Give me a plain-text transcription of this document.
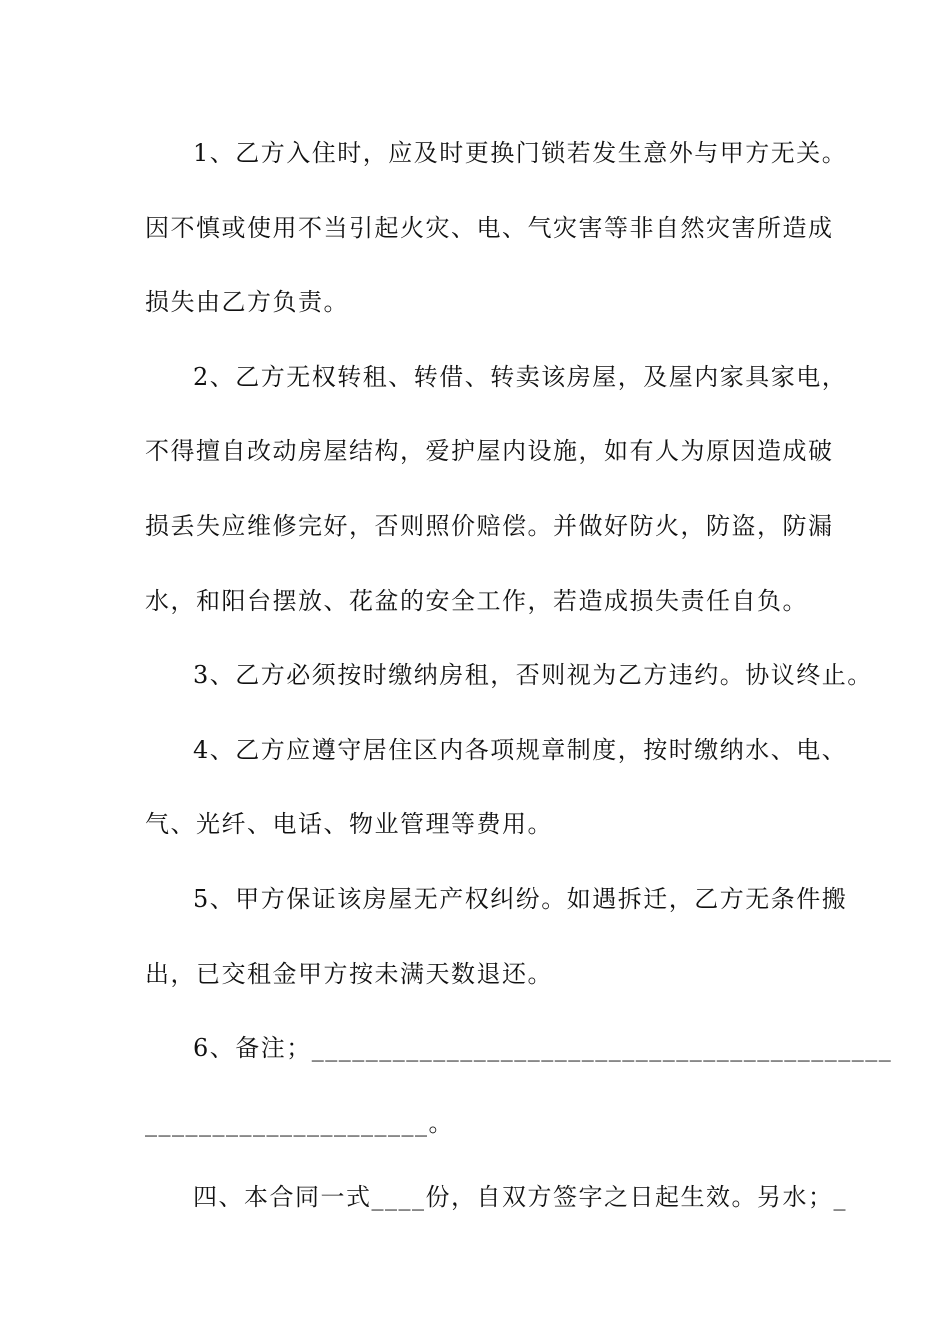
1、乙方入住时，应及时更换门锁若发生意外与甲方无关。
因不慎或使用不当引起火灾、电、气灾害等非自然灾害所造成
损失由乙方负责。
2、乙方无权转租、转借、转卖该房屋，及屋内家具家电，
不得擅自改动房屋结构，爱护屋内设施，如有人为原因造成破
损丢失应维修完好，否则照价赔偿。并做好防火，防盗，防漏
水，和阳台摆放、花盆的安全工作，若造成损失责任自负。
3、乙方必须按时缴纳房租，否则视为乙方违约。协议终止。
4、乙方应遵守居住区内各项规章制度，按时缴纳水、电、
气、光纤、电话、物业管理等费用。
5、甲方保证该房屋无产权纠纷。如遇拆迁，乙方无条件搬
出，已交租金甲方按未满天数退还。
6、备注；___________________________________________
_____________________。
四、本合同一式____份，自双方签字之日起生效。另水；_
